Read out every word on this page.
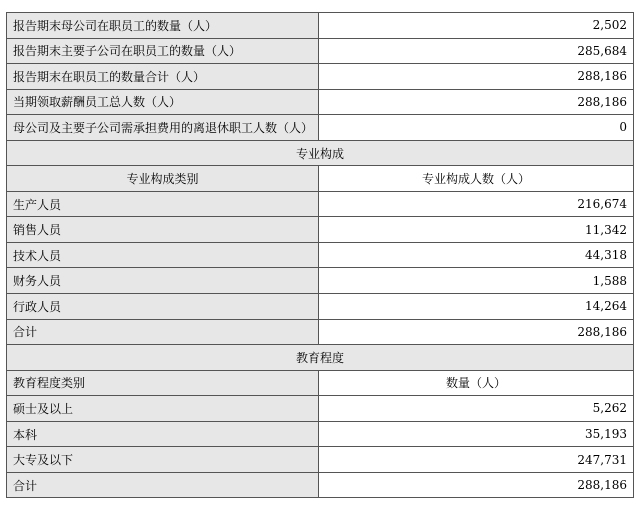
报告期末母公司在职员工的数量（人）	2,502
报告期末主要子公司在职员工的数量（人）	285,684
报告期末在职员工的数量合计（人）	288,186
当期领取薪酬员工总人数（人）	288,186
母公司及主要子公司需承担费用的离退休职工人数（人）	0
专业构成	
专业构成类别	专业构成人数（人）
生产人员	216,674
销售人员	11,342
技术人员	44,318
财务人员	1,588
行政人员	14,264
合计	288,186
教育程度	
教育程度类别	数量（人）
硕士及以上	5,262
本科	35,193
大专及以下	247,731
合计	288,186
